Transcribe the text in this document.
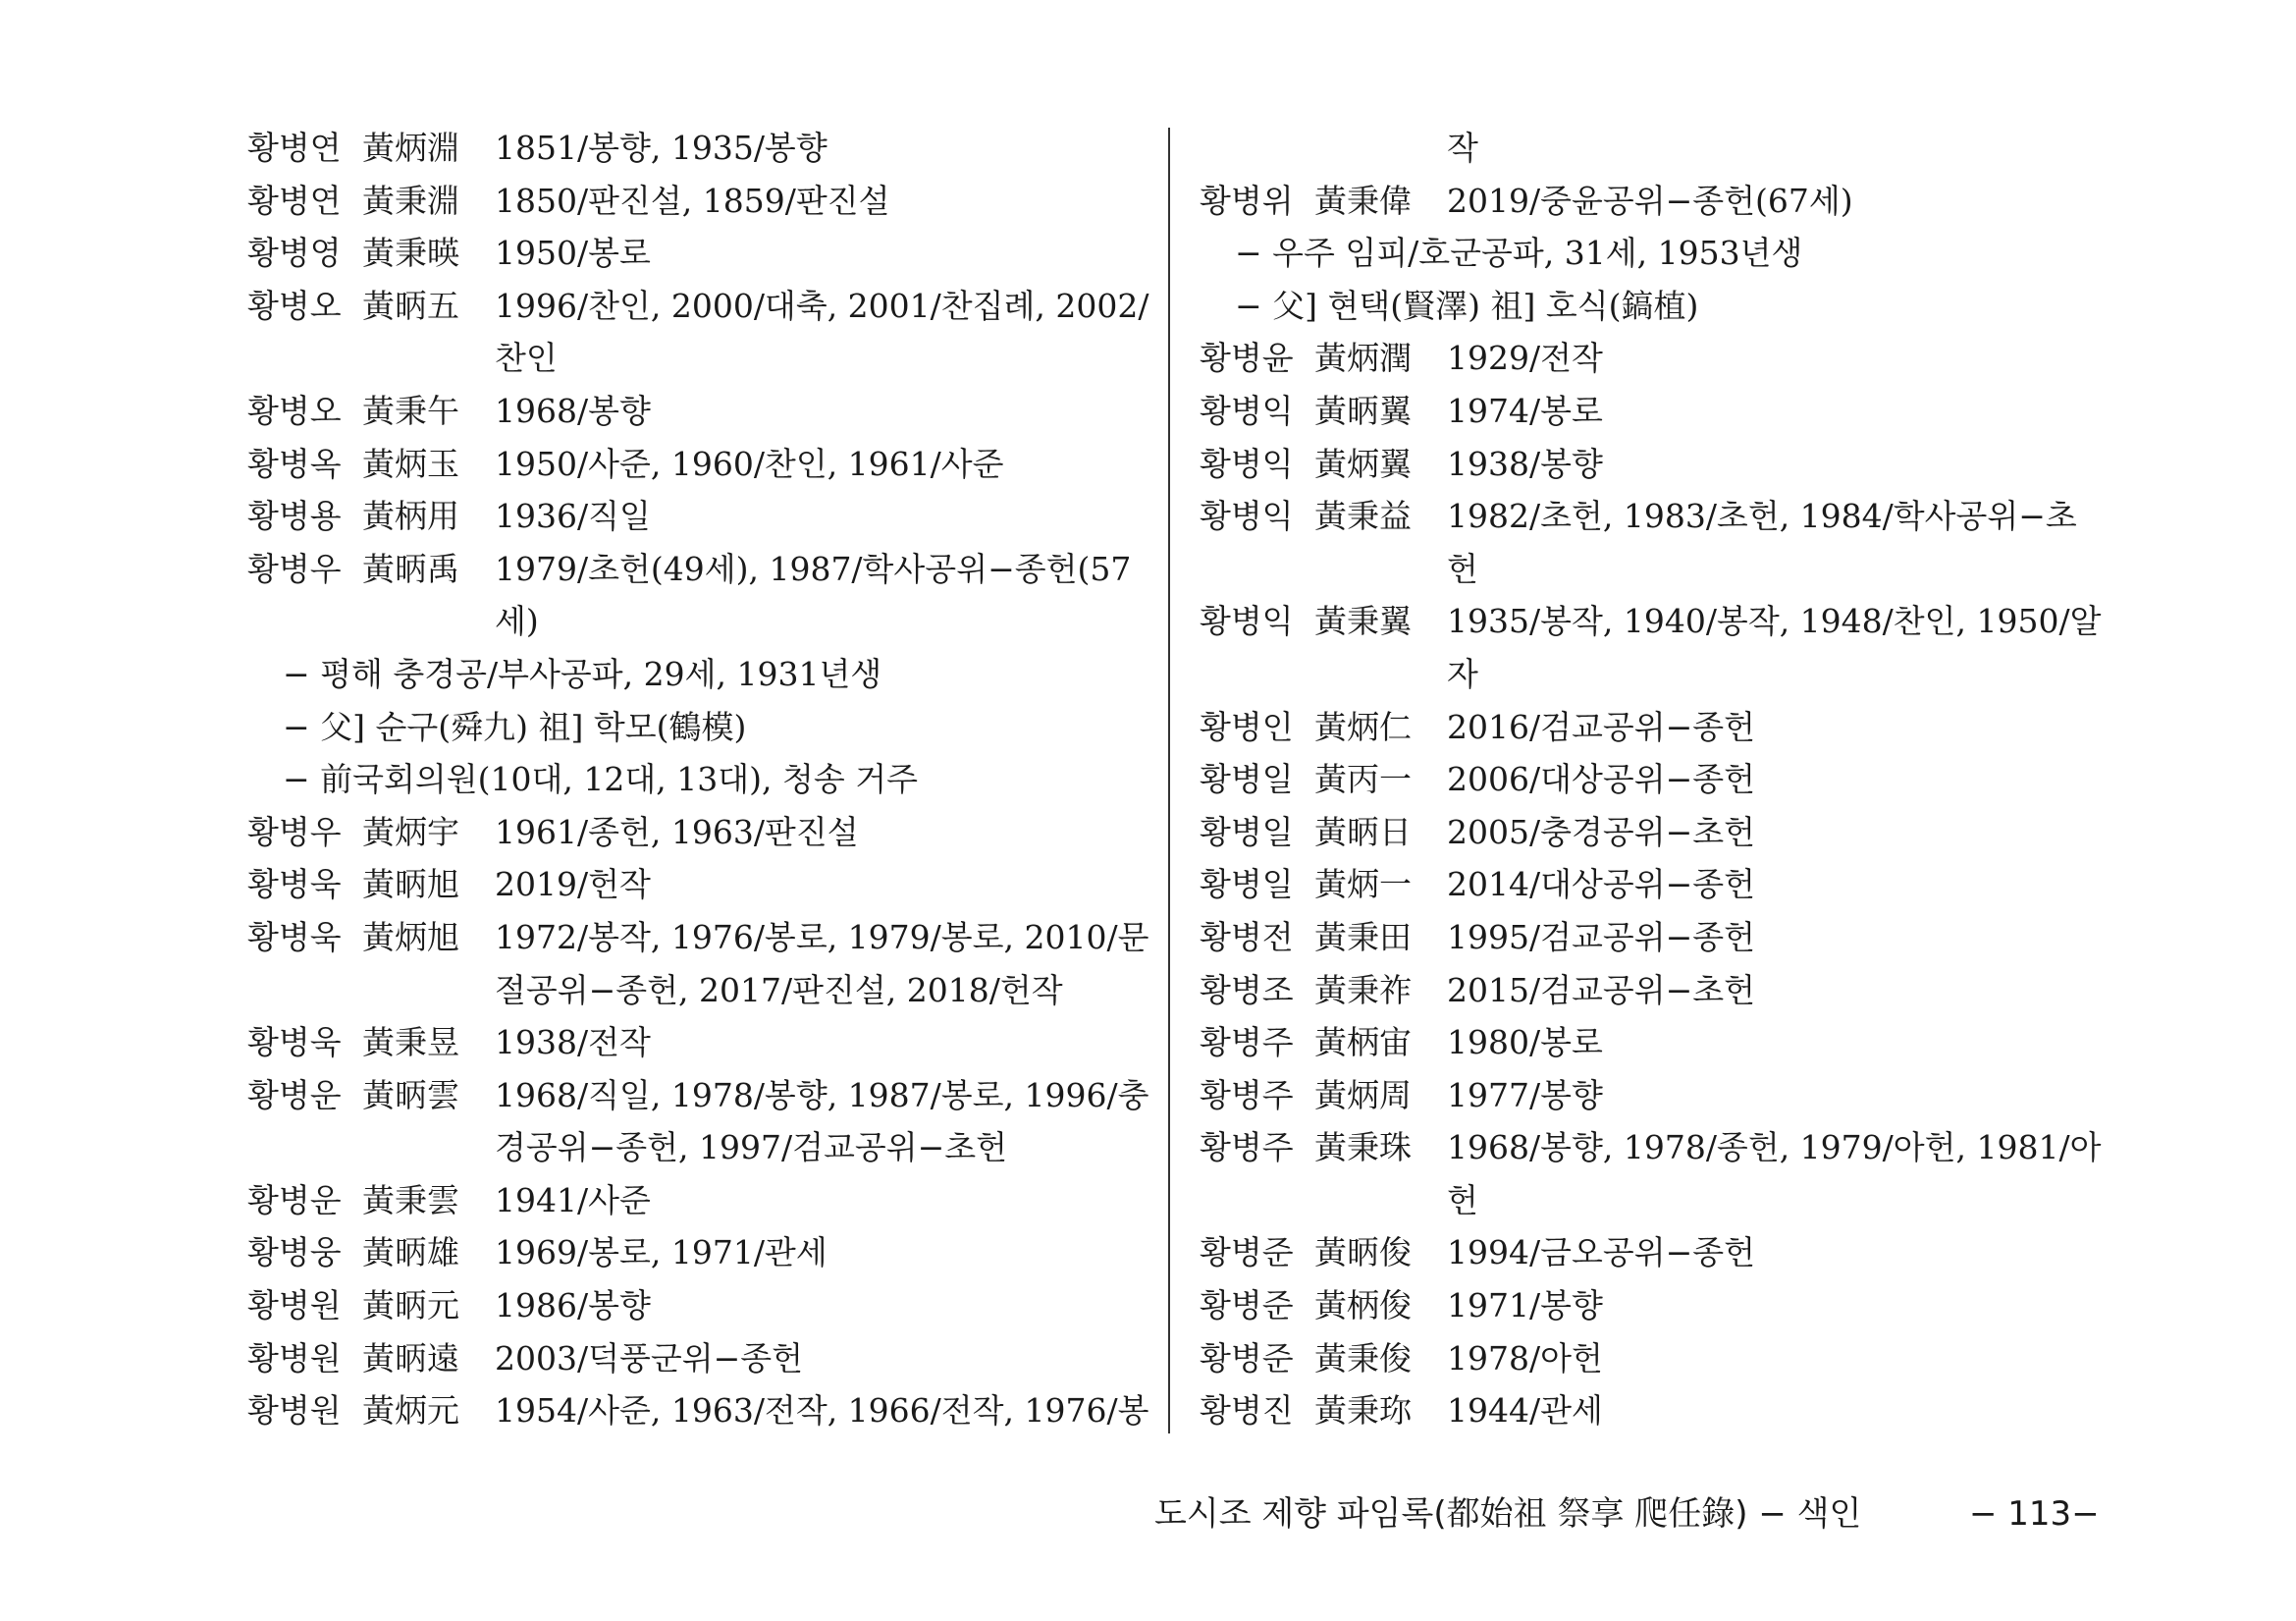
황병연 黃炳淵	1851/봉향, 1935/봉향
황병연 黃秉淵	1850/판진설, 1859/판진설
황병영 黃秉暎	1950/봉로
황병오 黃昞五	1996/찬인, 2000/대축, 2001/찬집례, 2002/
찬인
황병오 黃秉午	1968/봉향
황병옥 黃炳玉	1950/사준, 1960/찬인, 1961/사준
황병용 黃柄用	1936/직일
황병우 黃昞禹	1979/초헌(49세), 1987/학사공위−종헌(57
세)
− 평해 충경공/부사공파, 29세, 1931년생
− 父] 순구(舜九) 祖] 학모(鶴模)
− 前국회의원(10대, 12대, 13대), 청송 거주
황병우 黃炳宇	1961/종헌, 1963/판진설
황병욱 黃昞旭	2019/헌작
황병욱 黃炳旭	1972/봉작, 1976/봉로, 1979/봉로, 2010/문
절공위−종헌, 2017/판진설, 2018/헌작
황병욱 黃秉昱	1938/전작
황병운 黃昞雲	1968/직일, 1978/봉향, 1987/봉로, 1996/충
경공위−종헌, 1997/검교공위−초헌
황병운 黃秉雲	1941/사준
황병웅 黃昞雄	1969/봉로, 1971/관세
황병원 黃昞元	1986/봉향
황병원 黃昞遠	2003/덕풍군위−종헌
황병원 黃炳元	1954/사준, 1963/전작, 1966/전작, 1976/봉
작
황병위 黃秉偉	2019/중윤공위−종헌(67세)
− 우주 임피/호군공파, 31세, 1953년생
− 父] 현택(賢澤) 祖] 호식(鎬植)
황병윤 黃炳潤	1929/전작
황병익 黃昞翼	1974/봉로
황병익 黃炳翼	1938/봉향
황병익 黃秉益	1982/초헌, 1983/초헌, 1984/학사공위−초
헌
황병익 黃秉翼	1935/봉작, 1940/봉작, 1948/찬인, 1950/알
자
황병인 黃炳仁	2016/검교공위−종헌
황병일 黃丙一	2006/대상공위−종헌
황병일 黃昞日	2005/충경공위−초헌
황병일 黃炳一	2014/대상공위−종헌
황병전 黃秉田	1995/검교공위−종헌
황병조 黃秉祚	2015/검교공위−초헌
황병주 黃柄宙	1980/봉로
황병주 黃炳周	1977/봉향
황병주 黃秉珠	1968/봉향, 1978/종헌, 1979/아헌, 1981/아
헌
황병준 黃昞俊	1994/금오공위−종헌
황병준 黃柄俊	1971/봉향
황병준 黃秉俊	1978/아헌
황병진 黃秉珎	1944/관세
도시조 제향 파임록(都始祖 祭享 爬任錄) − 색인	− 113−
